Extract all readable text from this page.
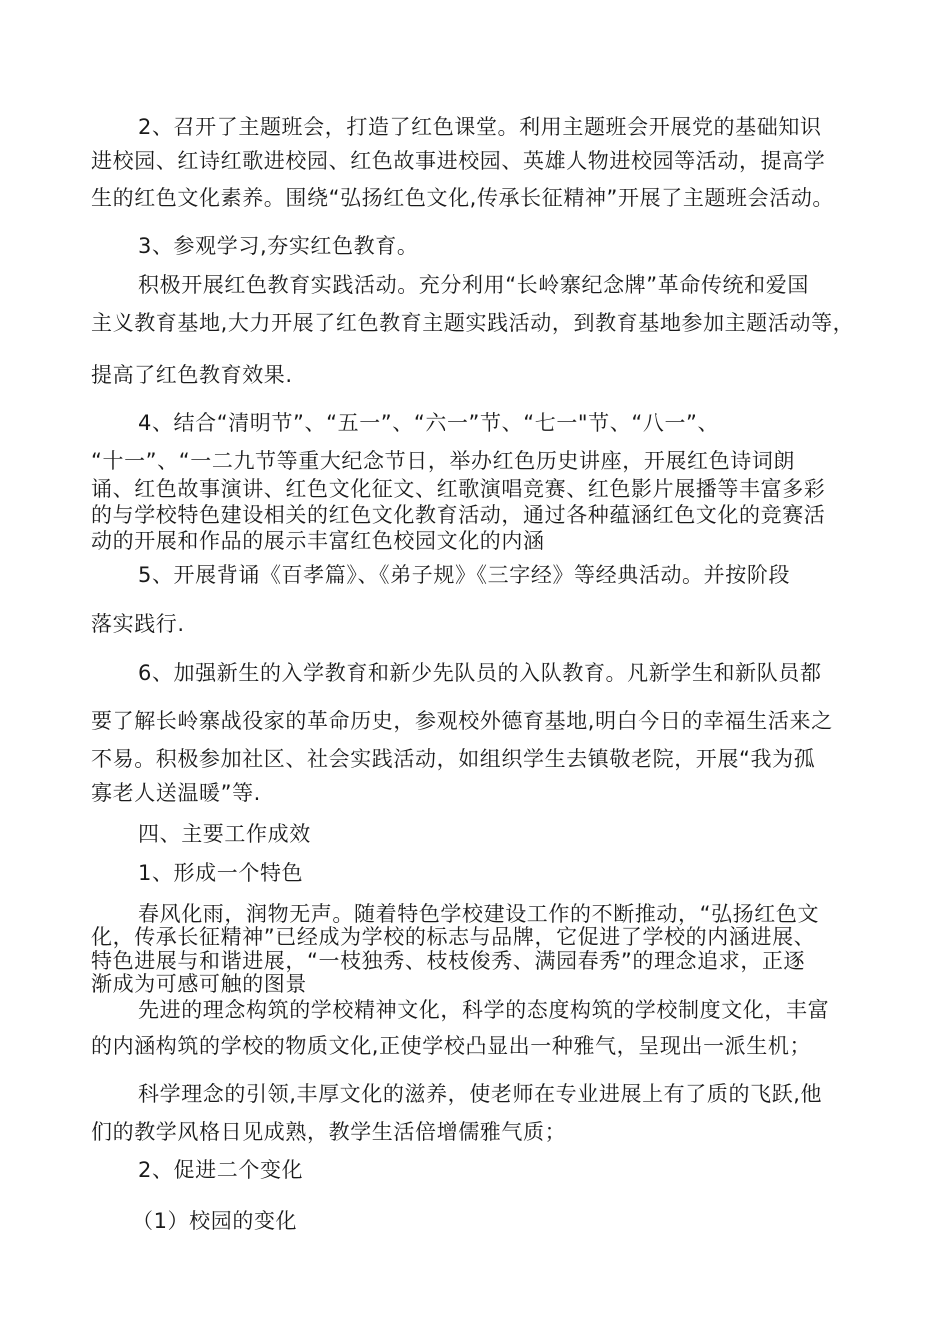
2、召开了主题班会，打造了红色课堂。利用主题班会开展党的基础知识
进校园、红诗红歌进校园、红色故事进校园、英雄人物进校园等活动，提高学
生的红色文化素养。围绕“弘扬红色文化,传承长征精神”开展了主题班会活动。
3、参观学习,夯实红色教育。
积极开展红色教育实践活动。充分利用“长岭寨纪念牌”革命传统和爱国
主义教育基地,大力开展了红色教育主题实践活动，到教育基地参加主题活动等，
提高了红色教育效果.
4、结合“清明节”、“五一”、“六一”节、“七一"节、“八一”、
“十一”、“一二九节等重大纪念节日，举办红色历史讲座，开展红色诗词朗
诵、红色故事演讲、红色文化征文、红歌演唱竞赛、红色影片展播等丰富多彩
的与学校特色建设相关的红色文化教育活动，通过各种蕴涵红色文化的竞赛活
动的开展和作品的展示丰富红色校园文化的内涵
5、开展背诵《百孝篇》、《弟子规》《三字经》等经典活动。并按阶段
落实践行.
6、加强新生的入学教育和新少先队员的入队教育。凡新学生和新队员都
要了解长岭寨战役家的革命历史，参观校外德育基地,明白今日的幸福生活来之
不易。积极参加社区、社会实践活动，如组织学生去镇敬老院，开展“我为孤
寡老人送温暖”等.
四、主要工作成效
1、形成一个特色
春风化雨，润物无声。随着特色学校建设工作的不断推动，“弘扬红色文
化，传承长征精神”已经成为学校的标志与品牌，它促进了学校的内涵进展、
特色进展与和谐进展，“一枝独秀、枝枝俊秀、满园春秀”的理念追求，正逐
渐成为可感可触的图景
先进的理念构筑的学校精神文化，科学的态度构筑的学校制度文化，丰富
的内涵构筑的学校的物质文化,正使学校凸显出一种雅气，呈现出一派生机；
科学理念的引领,丰厚文化的滋养，使老师在专业进展上有了质的飞跃,他
们的教学风格日见成熟，教学生活倍增儒雅气质；
2、促进二个变化
（1）校园的变化
